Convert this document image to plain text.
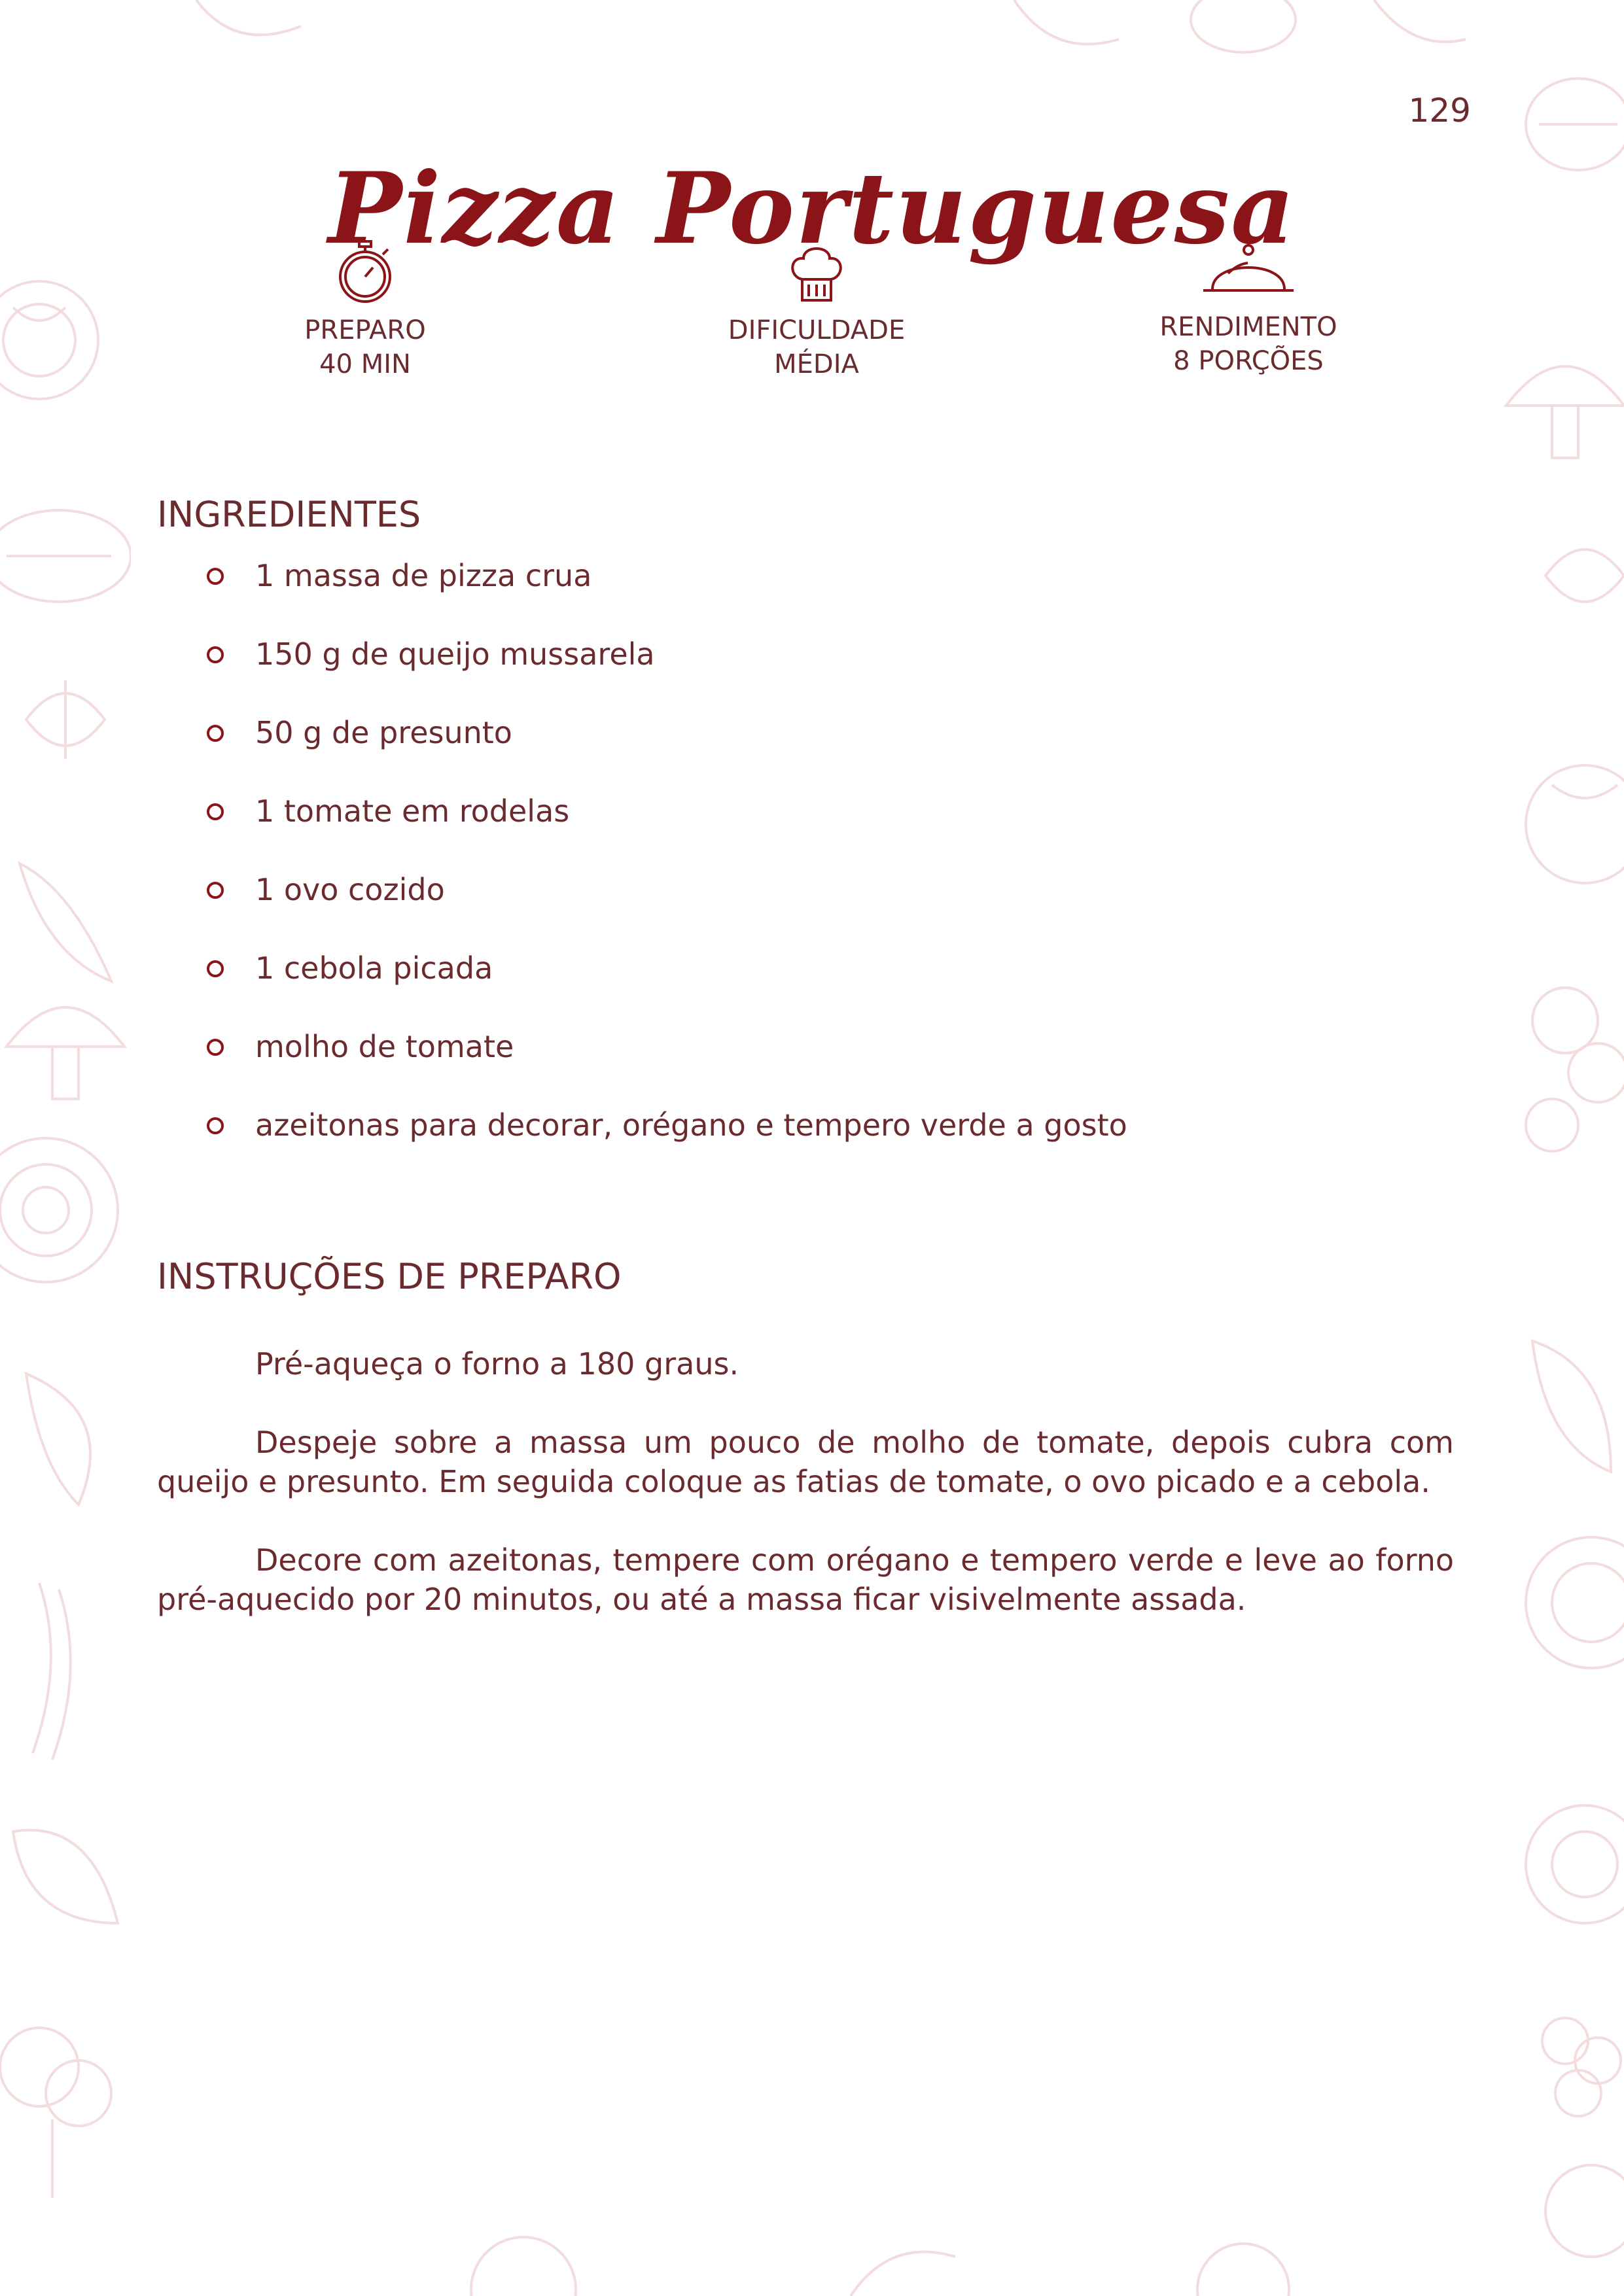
129
Pizza Portuguesa
PREPARO
40 MIN
DIFICULDADE
MÉDIA
RENDIMENTO
8 PORÇÕES
INGREDIENTES
1 massa de pizza crua
150 g de queijo mussarela
50 g de presunto
1 tomate em rodelas
1 ovo cozido
1 cebola picada
molho de tomate
azeitonas para decorar, orégano e tempero verde a gosto
INSTRUÇÕES DE PREPARO

Pré-aqueça o forno a 180 graus.

Despeje sobre a massa um pouco de molho de tomate, depois cubra com queijo e presunto. Em seguida coloque as fatias de tomate, o ovo picado e a cebola.

Decore com azeitonas, tempere com orégano e tempero verde e leve ao forno pré-aquecido por 20 minutos, ou até a massa ficar visivelmente assada.
